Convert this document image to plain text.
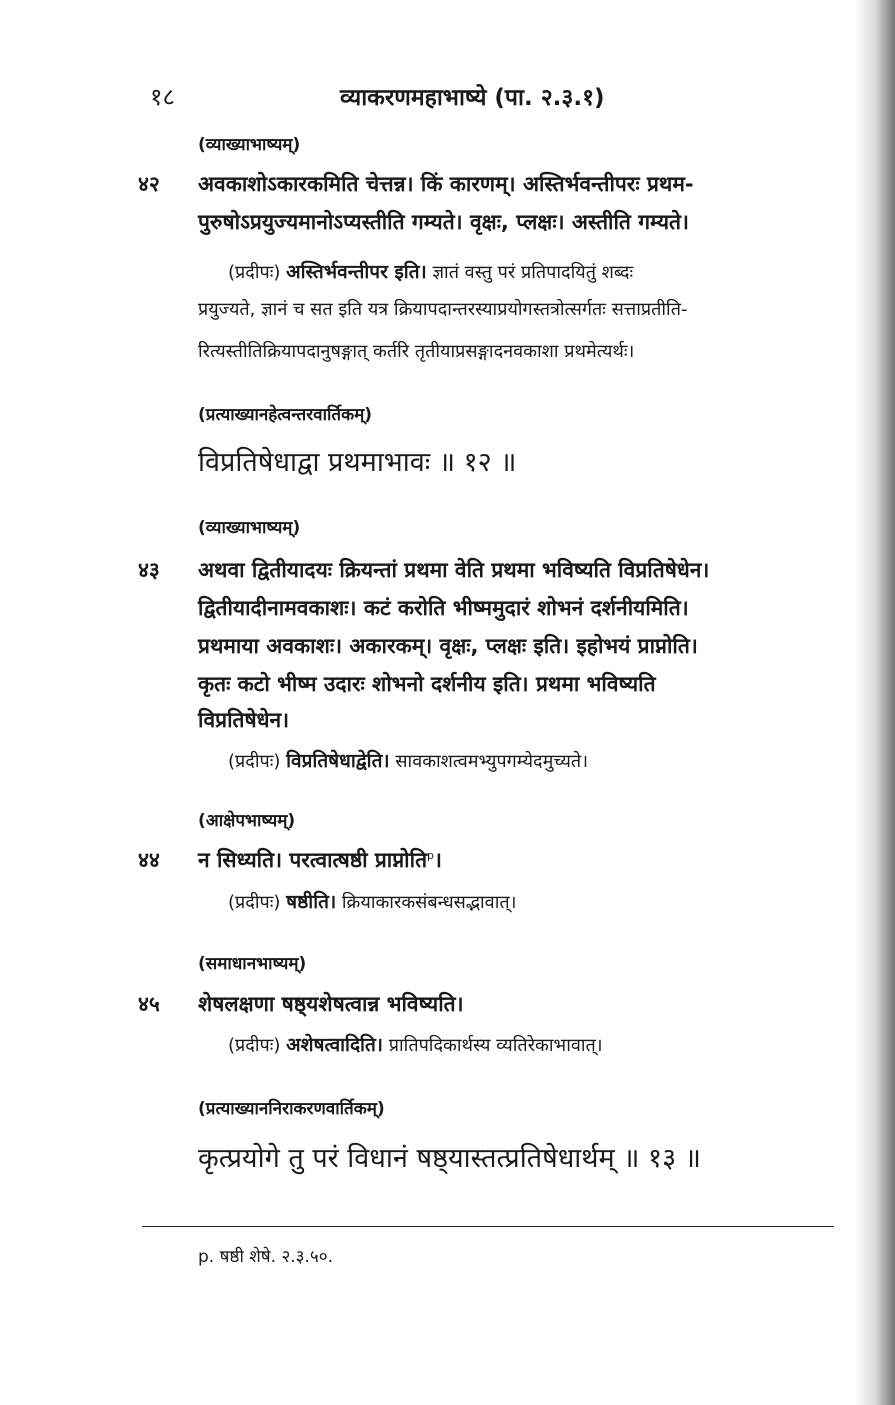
१८	व्याकरणमहाभाष्ये (पा. २.३.१)
(व्याख्याभाष्यम्)
४२ अवकाशोऽकारकमिति चेत्तन्न। किं कारणम्। अस्तिर्भवन्तीपरः प्रथम-
पुरुषोऽप्रयुज्यमानोऽप्यस्तीति गम्यते। वृक्षः, प्लक्षः। अस्तीति गम्यते।
(प्रदीपः) अस्तिर्भवन्तीपर इति। ज्ञातं वस्तु परं प्रतिपादयितुं शब्दः
प्रयुज्यते, ज्ञानं च सत इति यत्र क्रियापदान्तरस्याप्रयोगस्तत्रोत्सर्गतः सत्ताप्रतीति-
रित्यस्तीतिक्रियापदानुषङ्गात् कर्तरि तृतीयाप्रसङ्गादनवकाशा प्रथमेत्यर्थः।
(प्रत्याख्यानहेत्वन्तरवार्तिकम्)
विप्रतिषेधाद्वा प्रथमाभावः ॥ १२ ॥
(व्याख्याभाष्यम्)
४३ अथवा द्वितीयादयः क्रियन्तां प्रथमा वेति प्रथमा भविष्यति विप्रतिषेधेन।
द्वितीयादीनामवकाशः। कटं करोति भीष्ममुदारं शोभनं दर्शनीयमिति।
प्रथमाया अवकाशः। अकारकम्। वृक्षः, प्लक्षः इति। इहोभयं प्राप्नोति।
कृतः कटो भीष्म उदारः शोभनो दर्शनीय इति। प्रथमा भविष्यति
विप्रतिषेधेन।
(प्रदीपः) विप्रतिषेधाद्वेति। सावकाशत्वमभ्युपगम्येदमुच्यते।
(आक्षेपभाष्यम्)
४४ न सिध्यति। परत्वात्षष्ठी प्राप्नोति$^p$।
(प्रदीपः) षष्ठीति। क्रियाकारकसंबन्धसद्भावात्।
(समाधानभाष्यम्)
४५ शेषलक्षणा षष्ठ्यशेषत्वान्न भविष्यति।
(प्रदीपः) अशेषत्वादिति। प्रातिपदिकार्थस्य व्यतिरेकाभावात्।
(प्रत्याख्याननिराकरणवार्तिकम्)
कृत्प्रयोगे तु परं विधानं षष्ठ्यास्तत्प्रतिषेधार्थम् ॥ १३ ॥
p. षष्ठी शेषे. २.३.५०.
